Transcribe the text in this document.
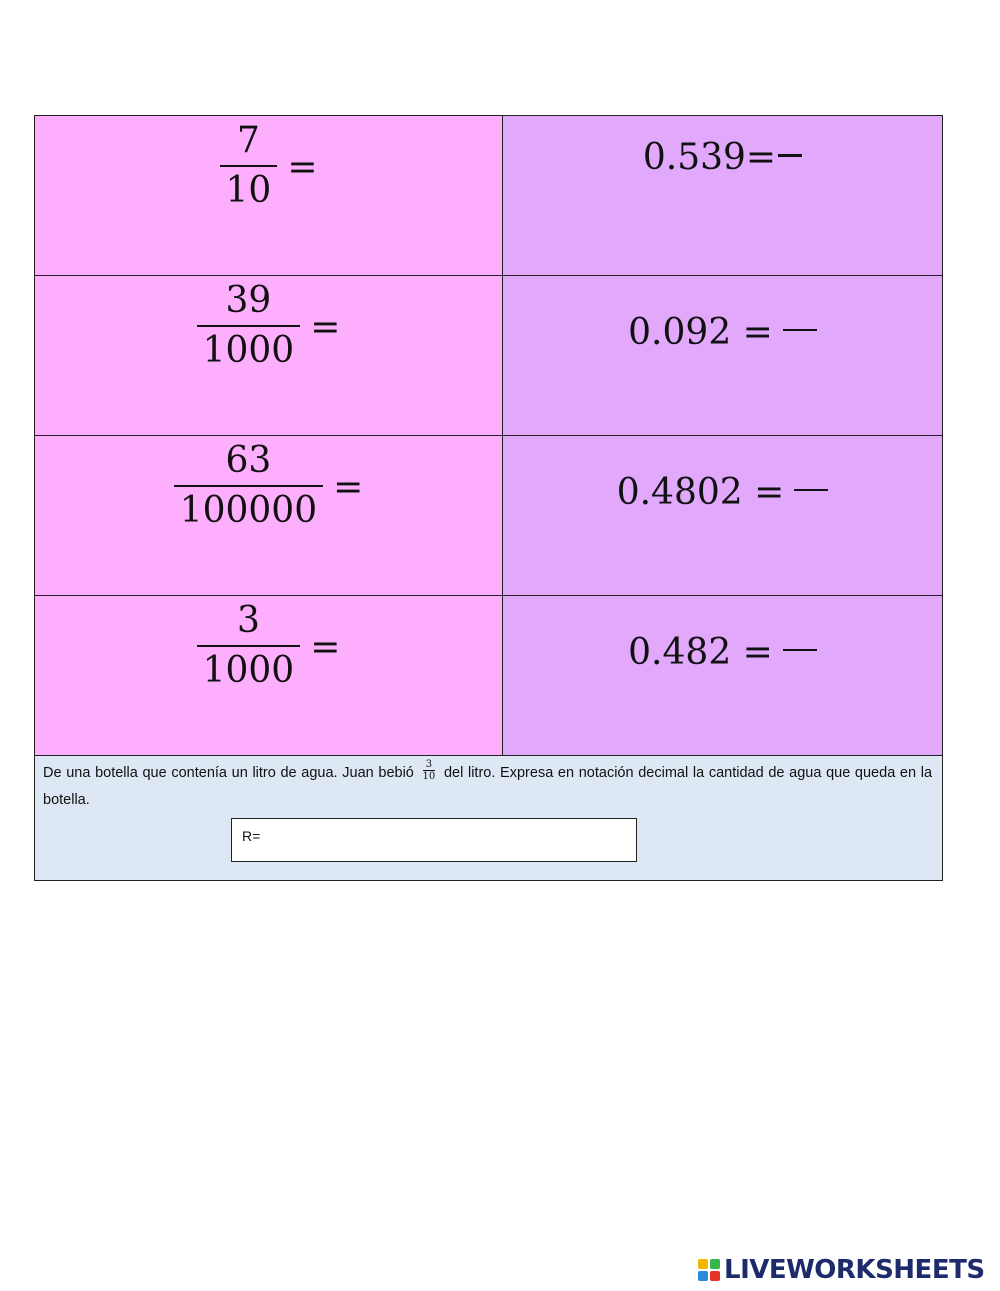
$\frac{7}{10}$ =	0.539=
$\frac{39}{1000}$ =	0.092 =
$\frac{63}{100000}$ =	0.4802 =
$\frac{3}{1000}$ =	0.482 =
De una botella que contenía un litro de agua. Juan bebió $\frac{3}{10}$ del litro. Expresa en notación decimal la cantidad de agua que queda en la botella.
R=
LIVEWORKSHEETS
